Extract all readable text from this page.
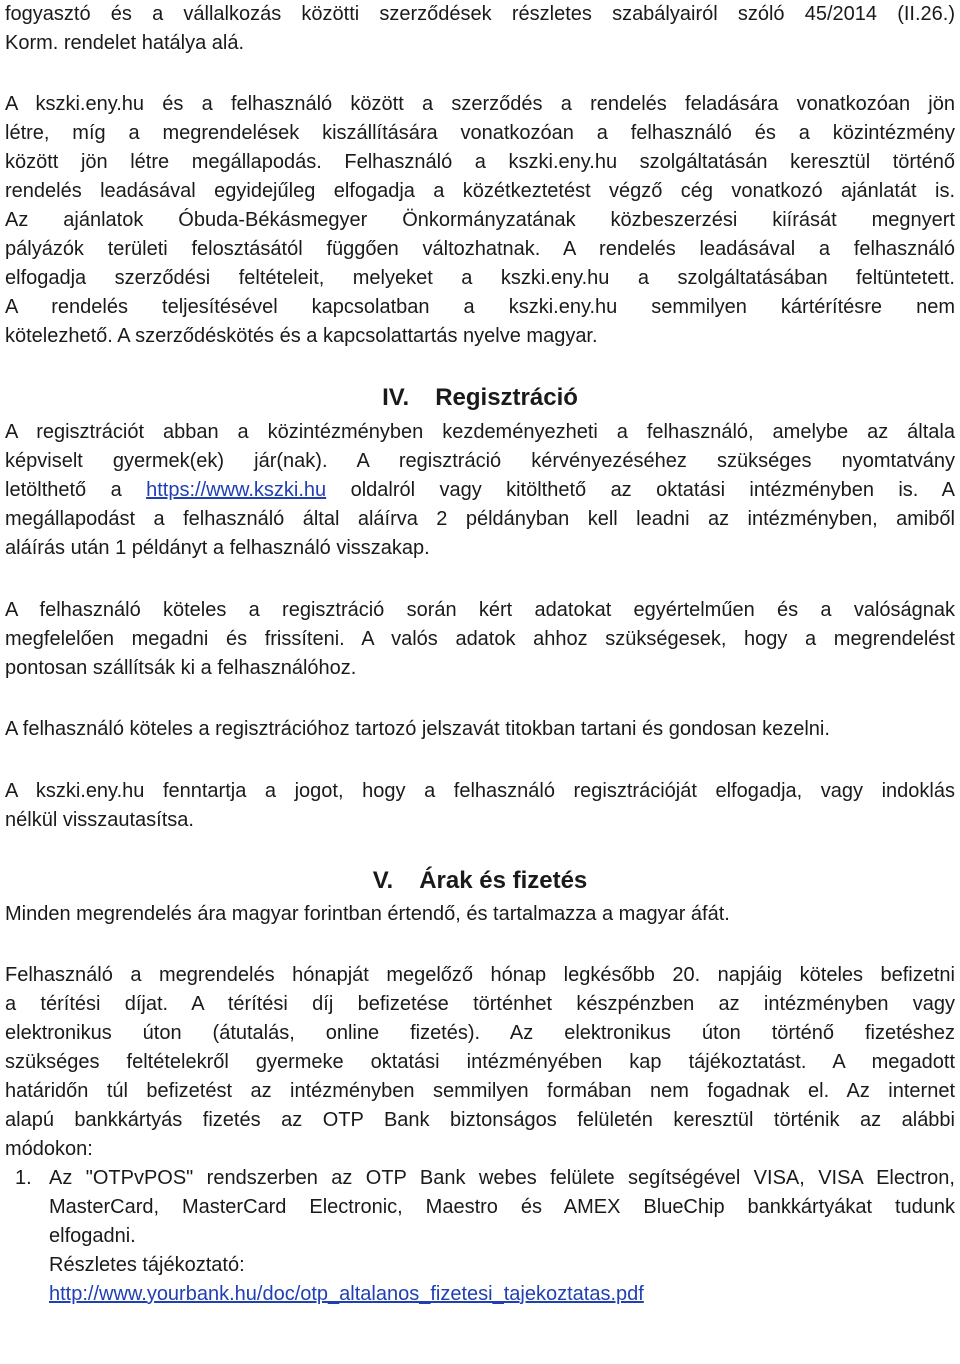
fogyasztó és a vállalkozás közötti szerződések részletes szabályairól szóló 45/2014 (II.26.)
Korm. rendelet hatálya alá.
A kszki.eny.hu és a felhasználó között a szerződés a rendelés feladására vonatkozóan jön
létre, míg a megrendelések kiszállítására vonatkozóan a felhasználó és a közintézmény
között jön létre megállapodás. Felhasználó a kszki.eny.hu szolgáltatásán keresztül történő
rendelés leadásával egyidejűleg elfogadja a közétkeztetést végző cég vonatkozó ajánlatát is.
Az ajánlatok Óbuda-Békásmegyer Önkormányzatának közbeszerzési kiírását megnyert
pályázók területi felosztásától függően változhatnak. A rendelés leadásával a felhasználó
elfogadja szerződési feltételeit, melyeket a kszki.eny.hu a szolgáltatásában feltüntetett.
A rendelés teljesítésével kapcsolatban a kszki.eny.hu semmilyen kártérítésre nem
kötelezhető. A szerződéskötés és a kapcsolattartás nyelve magyar.
IV. Regisztráció
A regisztrációt abban a közintézményben kezdeményezheti a felhasználó, amelybe az általa
képviselt gyermek(ek) jár(nak). A regisztráció kérvényezéséhez szükséges nyomtatvány
letölthető a https://www.kszki.hu oldalról vagy kitölthető az oktatási intézményben is. A
megállapodást a felhasználó által aláírva 2 példányban kell leadni az intézményben, amiből
aláírás után 1 példányt a felhasználó visszakap.
A felhasználó köteles a regisztráció során kért adatokat egyértelműen és a valóságnak
megfelelően megadni és frissíteni. A valós adatok ahhoz szükségesek, hogy a megrendelést
pontosan szállítsák ki a felhasználóhoz.
A felhasználó köteles a regisztrációhoz tartozó jelszavát titokban tartani és gondosan kezelni.
A kszki.eny.hu fenntartja a jogot, hogy a felhasználó regisztrációját elfogadja, vagy indoklás
nélkül visszautasítsa.
V. Árak és fizetés
Minden megrendelés ára magyar forintban értendő, és tartalmazza a magyar áfát.
Felhasználó a megrendelés hónapját megelőző hónap legkésőbb 20. napjáig köteles befizetni
a térítési díjat. A térítési díj befizetése történhet készpénzben az intézményben vagy
elektronikus úton (átutalás, online fizetés). Az elektronikus úton történő fizetéshez
szükséges feltételekről gyermeke oktatási intézményében kap tájékoztatást. A megadott
határidőn túl befizetést az intézményben semmilyen formában nem fogadnak el. Az internet
alapú bankkártyás fizetés az OTP Bank biztonságos felületén keresztül történik az alábbi
módokon:
1. Az "OTPvPOS" rendszerben az OTP Bank webes felülete segítségével VISA, VISA Electron,
MasterCard, MasterCard Electronic, Maestro és AMEX BlueChip bankkártyákat tudunk
elfogadni.
Részletes tájékoztató:
http://www.yourbank.hu/doc/otp_altalanos_fizetesi_tajekoztatas.pdf
